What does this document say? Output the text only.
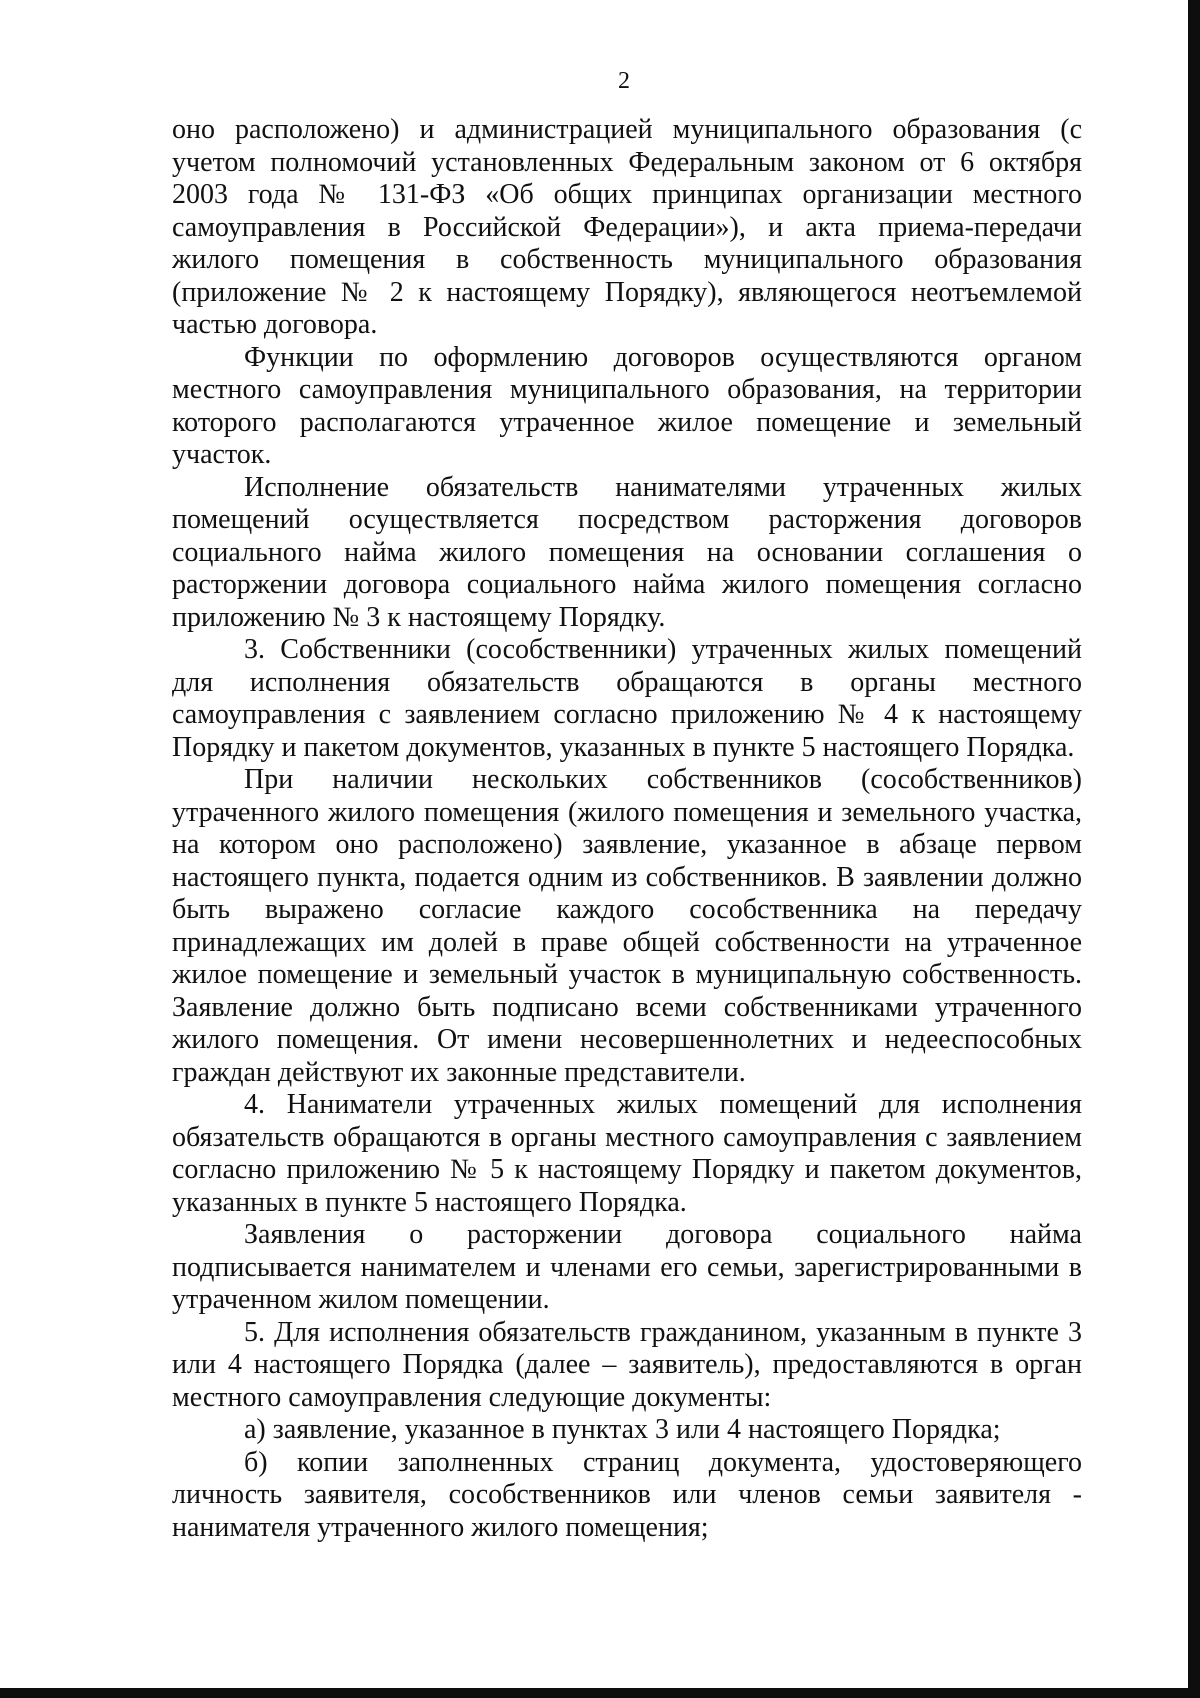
2

оно расположено) и администрацией муниципального образования (с учетом полномочий установленных Федеральным законом от 6 октября 2003 года № 131-ФЗ «Об общих принципах организации местного самоуправления в Российской Федерации»), и акта приема-передачи жилого помещения в собственность муниципального образования (приложение № 2 к настоящему Порядку), являющегося неотъемлемой частью договора.

Функции по оформлению договоров осуществляются органом местного самоуправления муниципального образования, на территории которого располагаются утраченное жилое помещение и земельный участок.

Исполнение обязательств нанимателями утраченных жилых помещений осуществляется посредством расторжения договоров социального найма жилого помещения на основании соглашения о расторжении договора социального найма жилого помещения согласно приложению № 3 к настоящему Порядку.

3. Собственники (сособственники) утраченных жилых помещений для исполнения обязательств обращаются в органы местного самоуправления с заявлением согласно приложению № 4 к настоящему Порядку и пакетом документов, указанных в пункте 5 настоящего Порядка.

При наличии нескольких собственников (сособственников) утраченного жилого помещения (жилого помещения и земельного участка, на котором оно расположено) заявление, указанное в абзаце первом настоящего пункта, подается одним из собственников. В заявлении должно быть выражено согласие каждого сособственника на передачу принадлежащих им долей в праве общей собственности на утраченное жилое помещение и земельный участок в муниципальную собственность. Заявление должно быть подписано всеми собственниками утраченного жилого помещения. От имени несовершеннолетних и недееспособных граждан действуют их законные представители.

4. Наниматели утраченных жилых помещений для исполнения обязательств обращаются в органы местного самоуправления с заявлением согласно приложению № 5 к настоящему Порядку и пакетом документов, указанных в пункте 5 настоящего Порядка.

Заявления о расторжении договора социального найма подписывается нанимателем и членами его семьи, зарегистрированными в утраченном жилом помещении.

5. Для исполнения обязательств гражданином, указанным в пункте 3 или 4 настоящего Порядка (далее – заявитель), предоставляются в орган местного самоуправления следующие документы:

а) заявление, указанное в пунктах 3 или 4 настоящего Порядка;

б) копии заполненных страниц документа, удостоверяющего личность заявителя, сособственников или членов семьи заявителя - нанимателя утраченного жилого помещения;
